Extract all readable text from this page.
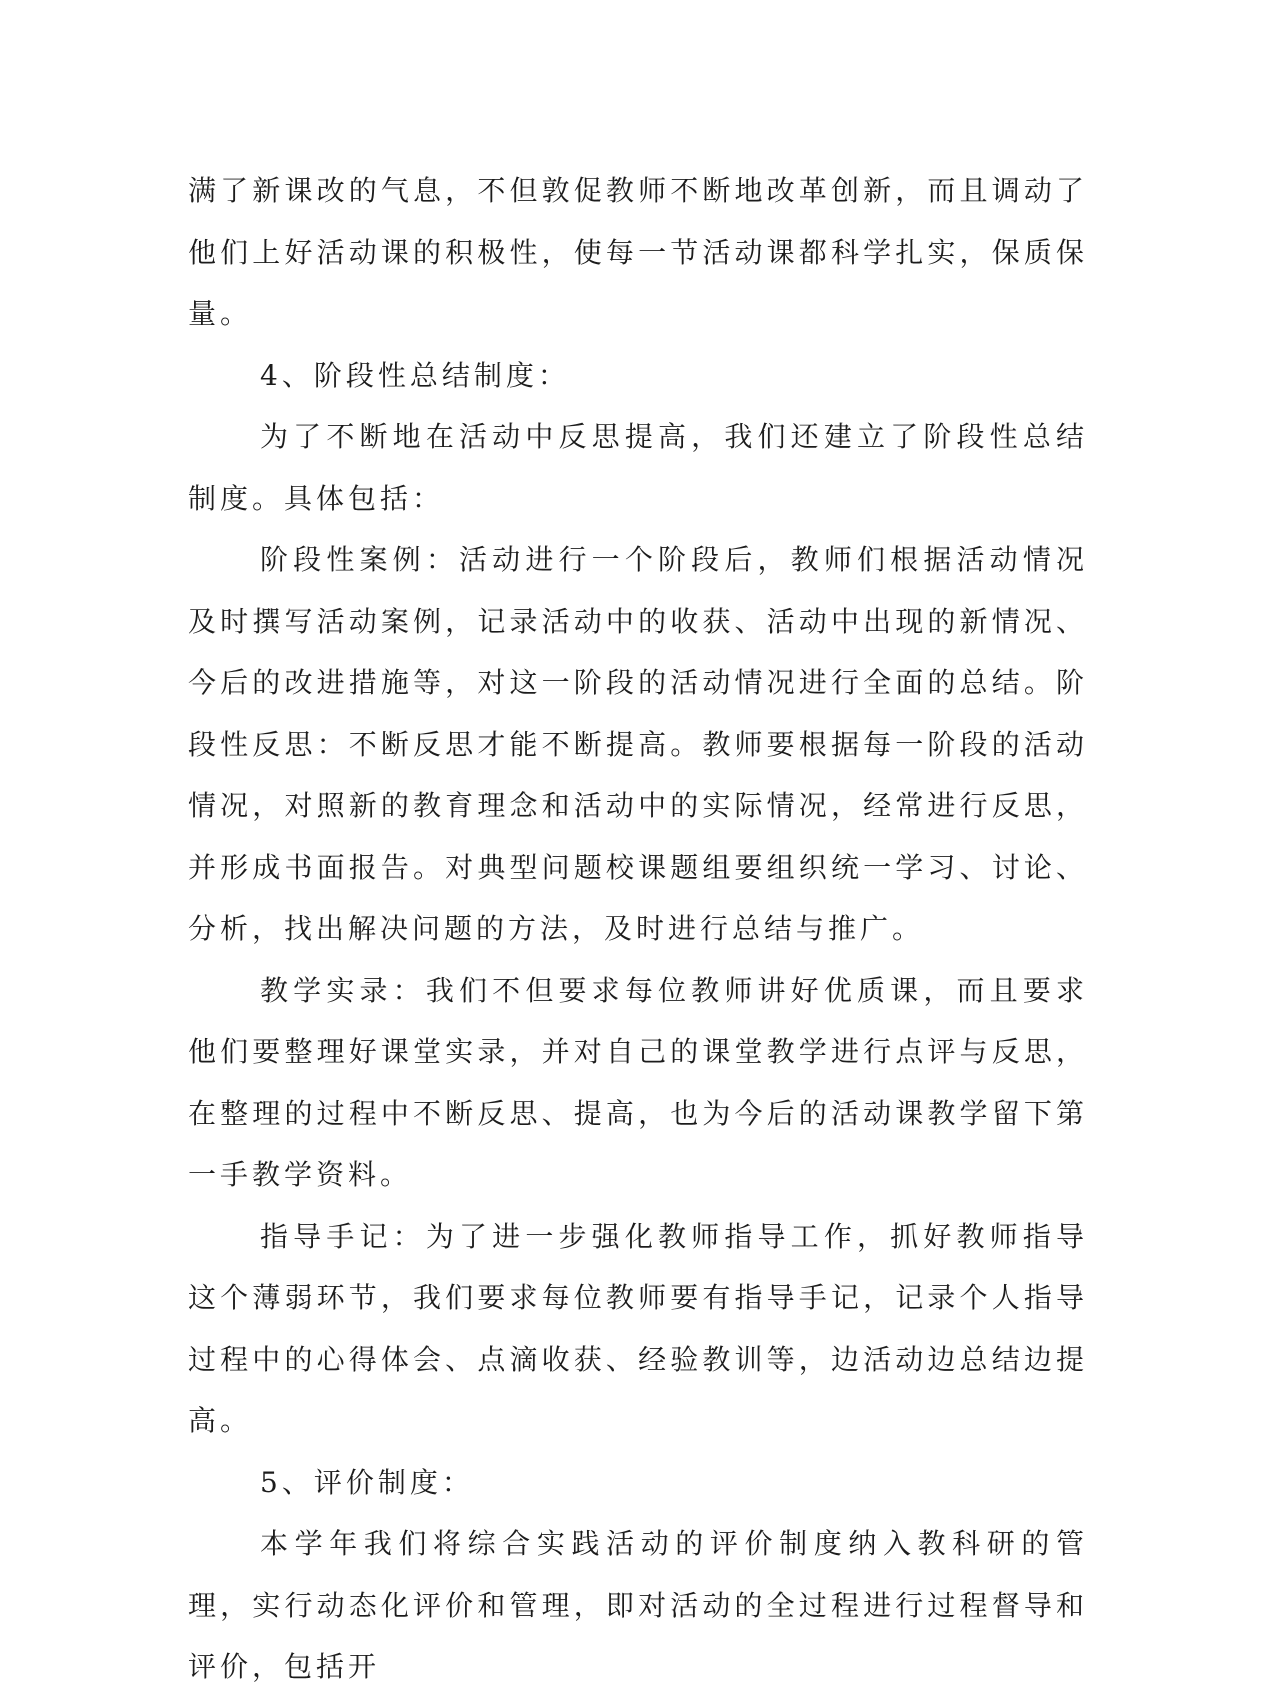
满了新课改的气息，不但敦促教师不断地改革创新，而且调动了他们上好活动课的积极性，使每一节活动课都科学扎实，保质保量。

4、阶段性总结制度：

为了不断地在活动中反思提高，我们还建立了阶段性总结制度。具体包括：

阶段性案例：活动进行一个阶段后，教师们根据活动情况及时撰写活动案例，记录活动中的收获、活动中出现的新情况、今后的改进措施等，对这一阶段的活动情况进行全面的总结。阶段性反思：不断反思才能不断提高。教师要根据每一阶段的活动情况，对照新的教育理念和活动中的实际情况，经常进行反思，并形成书面报告。对典型问题校课题组要组织统一学习、讨论、分析，找出解决问题的方法，及时进行总结与推广。

教学实录：我们不但要求每位教师讲好优质课，而且要求他们要整理好课堂实录，并对自己的课堂教学进行点评与反思，在整理的过程中不断反思、提高，也为今后的活动课教学留下第一手教学资料。

指导手记：为了进一步强化教师指导工作，抓好教师指导这个薄弱环节，我们要求每位教师要有指导手记，记录个人指导过程中的心得体会、点滴收获、经验教训等，边活动边总结边提高。

5、评价制度：

本学年我们将综合实践活动的评价制度纳入教科研的管理，实行动态化评价和管理，即对活动的全过程进行过程督导和评价，包括开
